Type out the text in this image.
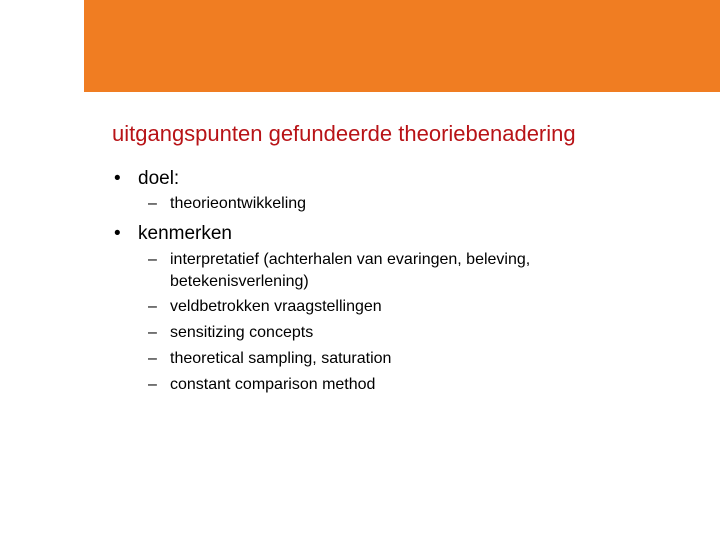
ADBOUD UNIVERSITEIT NIJMEGE
uitgangspunten gefundeerde theoriebenadering
• doel:
– theorieontwikkeling
• kenmerken
– interpretatief (achterhalen van evaringen, beleving,
betekenisverlening)
– veldbetrokken vraagstellingen
– sensitizing concepts
– theoretical sampling, saturation
– constant comparison method
